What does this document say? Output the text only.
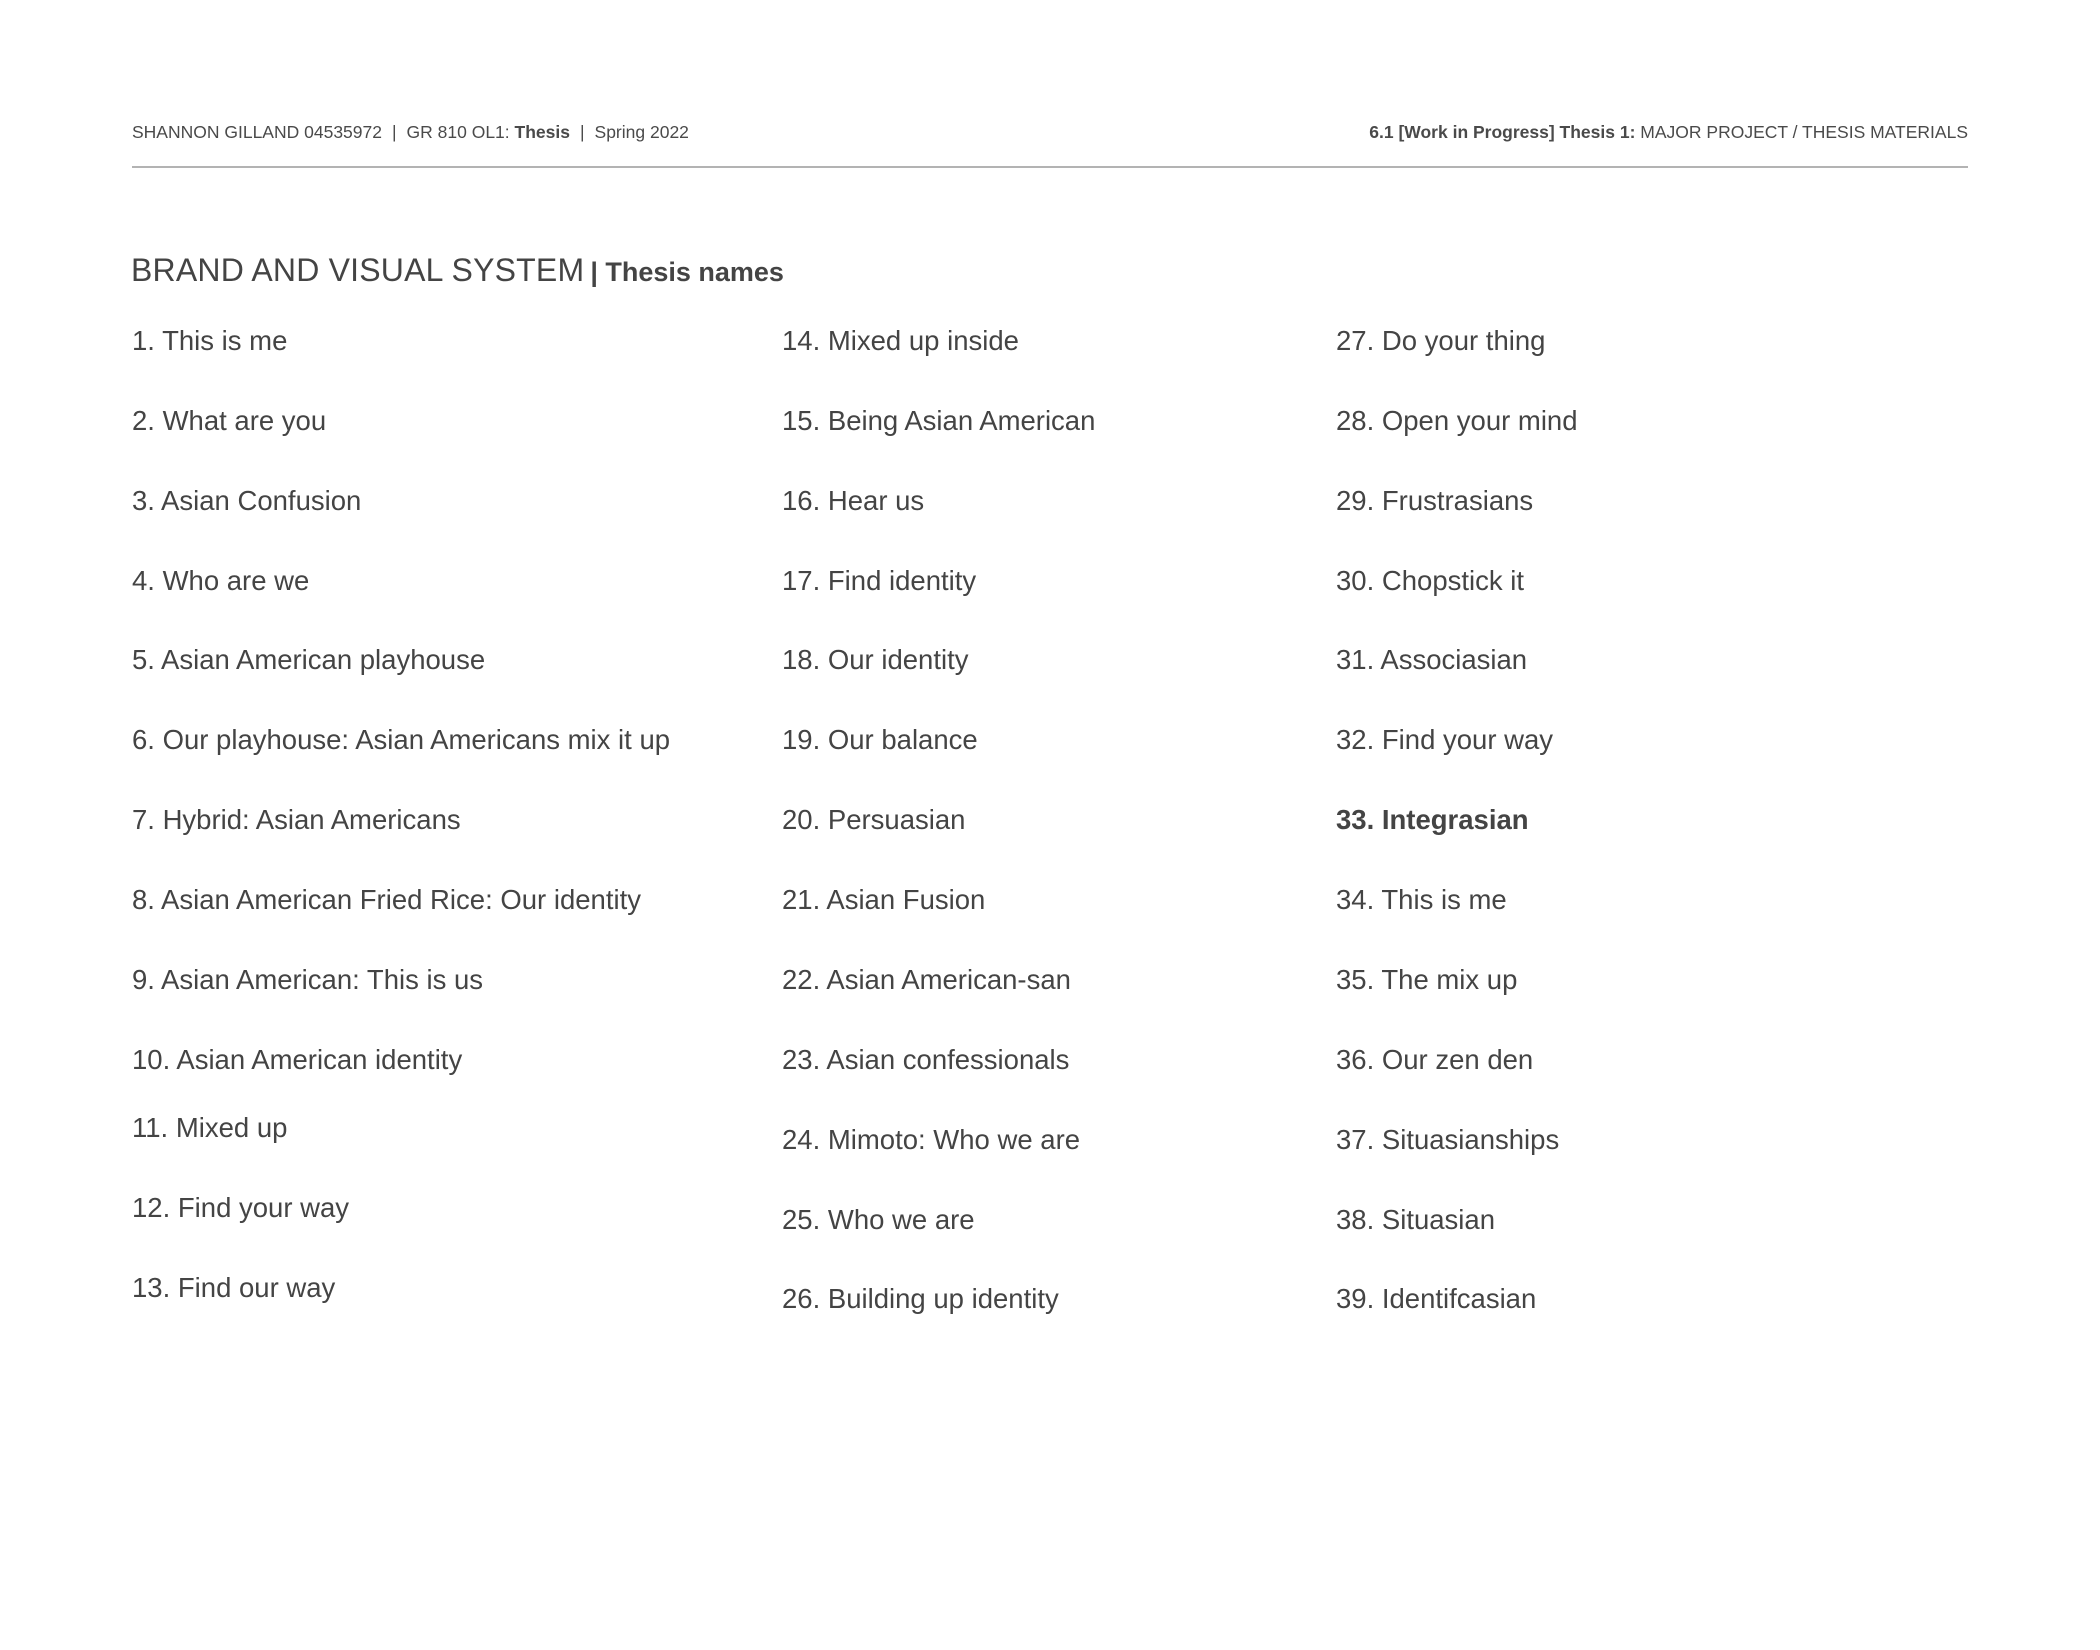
SHANNON GILLAND 04535972 | GR 810 OL1: Thesis | Spring 2022	6.1 [Work in Progress] Thesis 1: MAJOR PROJECT / THESIS MATERIALS
BRAND AND VISUAL SYSTEM | Thesis names
1. This is me
2. What are you
3. Asian Confusion
4. Who are we
5. Asian American playhouse
6. Our playhouse: Asian Americans mix it up
7. Hybrid: Asian Americans
8. Asian American Fried Rice: Our identity
9. Asian American: This is us
10. Asian American identity
11. Mixed up
12. Find your way
13. Find our way
14. Mixed up inside
15. Being Asian American
16. Hear us
17. Find identity
18. Our identity
19. Our balance
20. Persuasian
21. Asian Fusion
22. Asian American-san
23. Asian confessionals
24. Mimoto: Who we are
25. Who we are
26. Building up identity
27. Do your thing
28. Open your mind
29. Frustrasians
30. Chopstick it
31. Associasian
32. Find your way
33. Integrasian
34. This is me
35. The mix up
36. Our zen den
37. Situasianships
38. Situasian
39. Identifcasian
